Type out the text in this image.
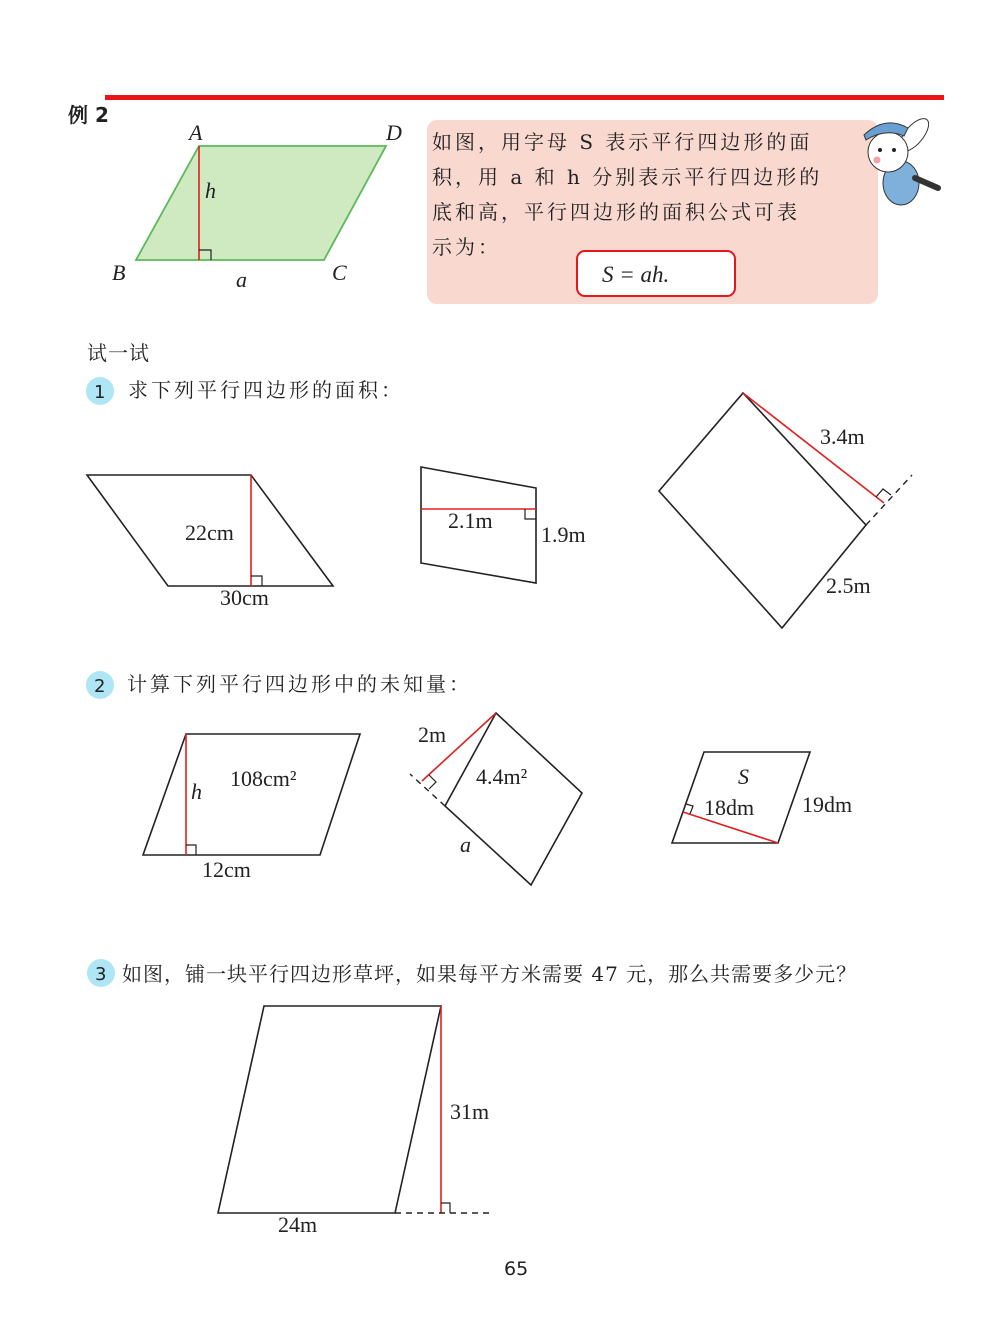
例 2
A	D
B	C
h
a
如图，用字母 S 表示平行四边形的面
积，用 a 和 h 分别表示平行四边形的
底和高，平行四边形的面积公式可表
示为：
S = ah.
试一试
1 求下列平行四边形的面积：
22cm
30cm
2.1m
1.9m
3.4m
2.5m
2 计算下列平行四边形中的未知量：
h
108cm²
12cm
2m
4.4m²
a
S
18dm 19dm
3 如图，铺一块平行四边形草坪，如果每平方米需要 47 元，那么共需要多少元？
31m
24m
65
